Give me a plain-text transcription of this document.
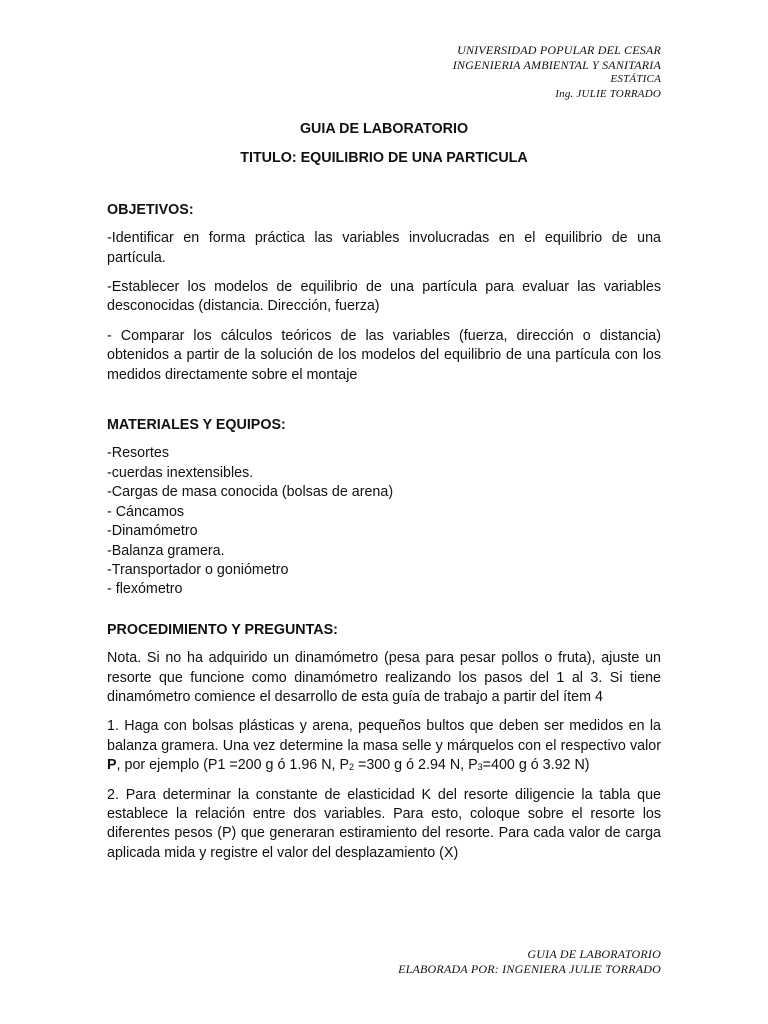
UNIVERSIDAD POPULAR DEL CESAR
INGENIERIA AMBIENTAL Y SANITARIA
ESTÁTICA
Ing. JULIE TORRADO

GUIA DE LABORATORIO

TITULO: EQUILIBRIO DE UNA PARTICULA

OBJETIVOS:

-Identificar en forma práctica las variables involucradas en el equilibrio de una partícula.

-Establecer los modelos de equilibrio de una partícula para evaluar las variables desconocidas (distancia. Dirección, fuerza)

- Comparar los cálculos teóricos de las variables (fuerza, dirección o distancia) obtenidos a partir de la solución de los modelos del equilibrio de una partícula con los medidos directamente sobre el montaje

MATERIALES Y EQUIPOS:

-Resortes
-cuerdas inextensibles.
-Cargas de masa conocida (bolsas de arena)
- Cáncamos
-Dinamómetro
-Balanza gramera.
-Transportador o goniómetro
- flexómetro

PROCEDIMIENTO Y PREGUNTAS:

Nota. Si no ha adquirido un dinamómetro (pesa para pesar pollos o fruta), ajuste un resorte que funcione como dinamómetro realizando los pasos del 1 al 3. Si tiene dinamómetro comience el desarrollo de esta guía de trabajo a partir del ítem 4

1. Haga con bolsas plásticas y arena, pequeños bultos que deben ser medidos en la balanza gramera. Una vez determine la masa selle y márquelos con el respectivo valor P, por ejemplo (P1 =200 g ó 1.96 N, $P_2 =300$ g ó 2.94 N, $P_3=400$ g ó 3.92 N)

2. Para determinar la constante de elasticidad K del resorte diligencie la tabla que establece la relación entre dos variables. Para esto, coloque sobre el resorte los diferentes pesos (P) que generaran estiramiento del resorte. Para cada valor de carga aplicada mida y registre el valor del desplazamiento (X)

GUIA DE LABORATORIO
ELABORADA POR: INGENIERA JULIE TORRADO
